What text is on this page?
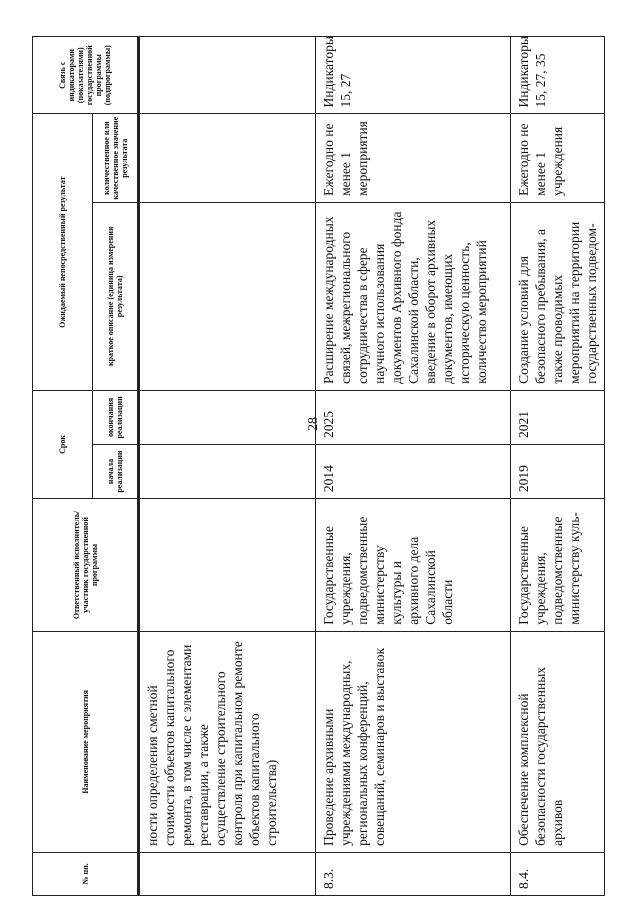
28
№ пп.	Наименование мероприятия	Ответственный исполнитель/участник государственной программы	Срок		Ожидаемый непосредственный результат		Связь с индикаторами (показателями) государственной программы (подпрограммы)
			начала реализации	окончания реализации	краткое описание (единица измерения результата)	количественное или качественное значение результата	

	ности определения сметной стоимости объектов капитального ремонта, в том числе с элементами реставрации, а также осуществление строительного контроля при капитальном ремонте объектов капитального строительства)						
8.3.	Проведение архивными учреждениями международных, региональных конференций, совещаний, семинаров и выставок	Государственные учреждения, подведомственные министерству культуры и архивного дела Сахалинской области	2014	2025	Расширение международных связей, межрегионального сотрудничества в сфере научного использования документов Архивного фонда Сахалинской области, введение в оборот архивных документов, имеющих историческую ценность, количество мероприятий	Ежегодно не менее 1 мероприятия	Индикаторы 15, 27
8.4.	Обеспечение комплексной безопасности государственных архивов	Государственные учреждения, подведомственные министерству куль-	2019	2021	Создание условий для безопасного пребывания, а также проводимых мероприятий на территории государственных подведом-	Ежегодно не менее 1 учреждения	Индикаторы 15, 27, 35
